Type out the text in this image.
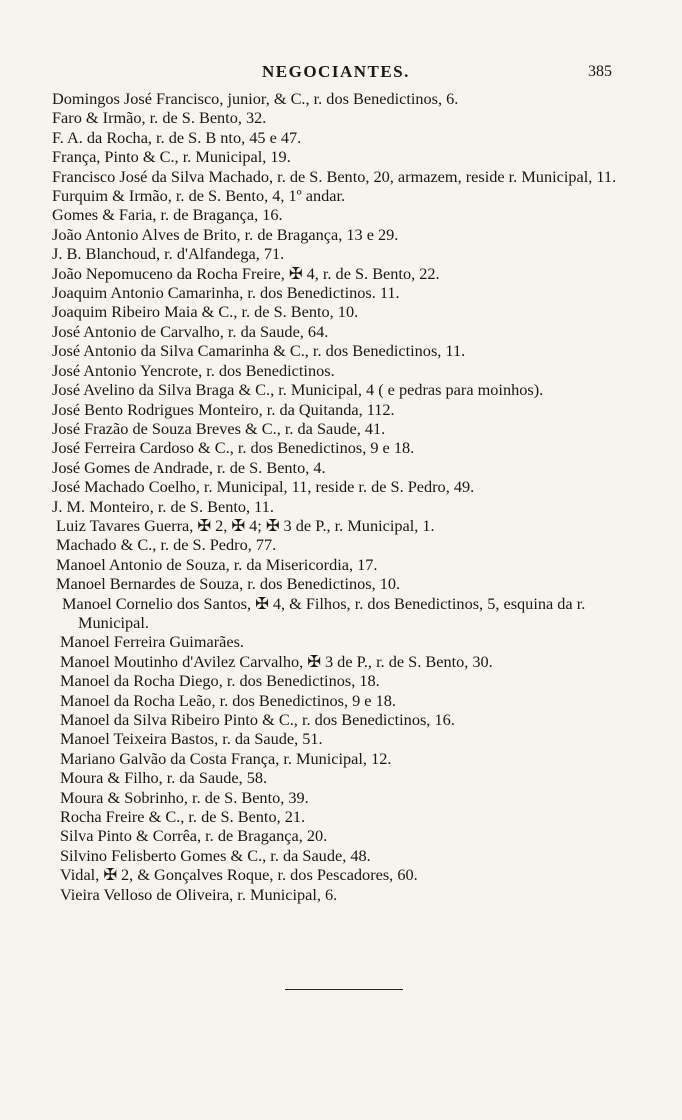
NEGOCIANTES.	385
Domingos José Francisco, junior, & C., r. dos Benedictinos, 6.
Faro & Irmão, r. de S. Bento, 32.
F. A. da Rocha, r. de S. B nto, 45 e 47.
França, Pinto & C., r. Municipal, 19.
Francisco José da Silva Machado, r. de S. Bento, 20, armazem, reside r. Municipal, 11.
Furquim & Irmão, r. de S. Bento, 4, 1º andar.
Gomes & Faria, r. de Bragança, 16.
João Antonio Alves de Brito, r. de Bragança, 13 e 29.
J. B. Blanchoud, r. d'Alfandega, 71.
João Nepomuceno da Rocha Freire, ✠ 4, r. de S. Bento, 22.
Joaquim Antonio Camarinha, r. dos Benedictinos. 11.
Joaquim Ribeiro Maia & C., r. de S. Bento, 10.
José Antonio de Carvalho, r. da Saude, 64.
José Antonio da Silva Camarinha & C., r. dos Benedictinos, 11.
José Antonio Yencrote, r. dos Benedictinos.
José Avelino da Silva Braga & C., r. Municipal, 4 ( e pedras para moinhos).
José Bento Rodrigues Monteiro, r. da Quitanda, 112.
José Frazão de Souza Breves & C., r. da Saude, 41.
José Ferreira Cardoso & C., r. dos Benedictinos, 9 e 18.
José Gomes de Andrade, r. de S. Bento, 4.
José Machado Coelho, r. Municipal, 11, reside r. de S. Pedro, 49.
J. M. Monteiro, r. de S. Bento, 11.
Luiz Tavares Guerra, ✠ 2, ✠ 4; ✠ 3 de P., r. Municipal, 1.
Machado & C., r. de S. Pedro, 77.
Manoel Antonio de Souza, r. da Misericordia, 17.
Manoel Bernardes de Souza, r. dos Benedictinos, 10.
Manoel Cornelio dos Santos, ✠ 4, & Filhos, r. dos Benedictinos, 5, esquina da r. Municipal.
Manoel Ferreira Guimarães.
Manoel Moutinho d'Avilez Carvalho, ✠ 3 de P., r. de S. Bento, 30.
Manoel da Rocha Diego, r. dos Benedictinos, 18.
Manoel da Rocha Leão, r. dos Benedictinos, 9 e 18.
Manoel da Silva Ribeiro Pinto & C., r. dos Benedictinos, 16.
Manoel Teixeira Bastos, r. da Saude, 51.
Mariano Galvão da Costa França, r. Municipal, 12.
Moura & Filho, r. da Saude, 58.
Moura & Sobrinho, r. de S. Bento, 39.
Rocha Freire & C., r. de S. Bento, 21.
Silva Pinto & Corrêa, r. de Bragança, 20.
Silvino Felisberto Gomes & C., r. da Saude, 48.
Vidal, ✠ 2, & Gonçalves Roque, r. dos Pescadores, 60.
Vieira Velloso de Oliveira, r. Municipal, 6.
